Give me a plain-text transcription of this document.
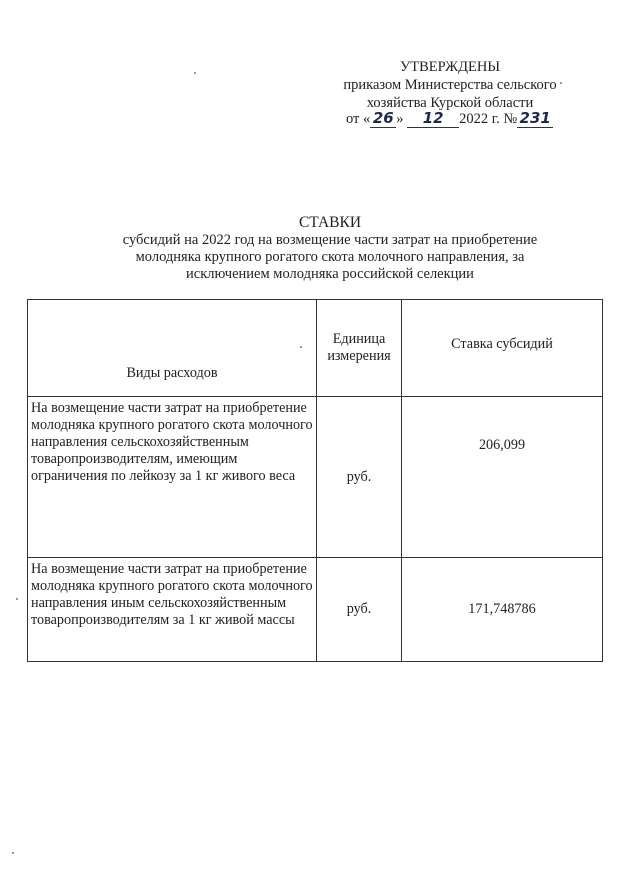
УТВЕРЖДЕНЫ
приказом Министерства сельского
хозяйства Курской области
от « 26 » 12 2022 г. № 231
СТАВКИ
субсидий на 2022 год на возмещение части затрат на приобретение
молодняка крупного рогатого скота молочного направления, за
исключением молодняка российской селекции
Виды расходов	Единица измерения	Ставка субсидий
На возмещение части затрат на приобретение молодняка крупного рогатого скота молочного направления сельскохозяйственным товаропроизводителям, имеющим ограничения по лейкозу за 1 кг живого веса	руб.	206,099
На возмещение части затрат на приобретение молодняка крупного рогатого скота молочного направления иным сельскохозяйственным товаропроизводителям за 1 кг живой массы	руб.	171,748786
